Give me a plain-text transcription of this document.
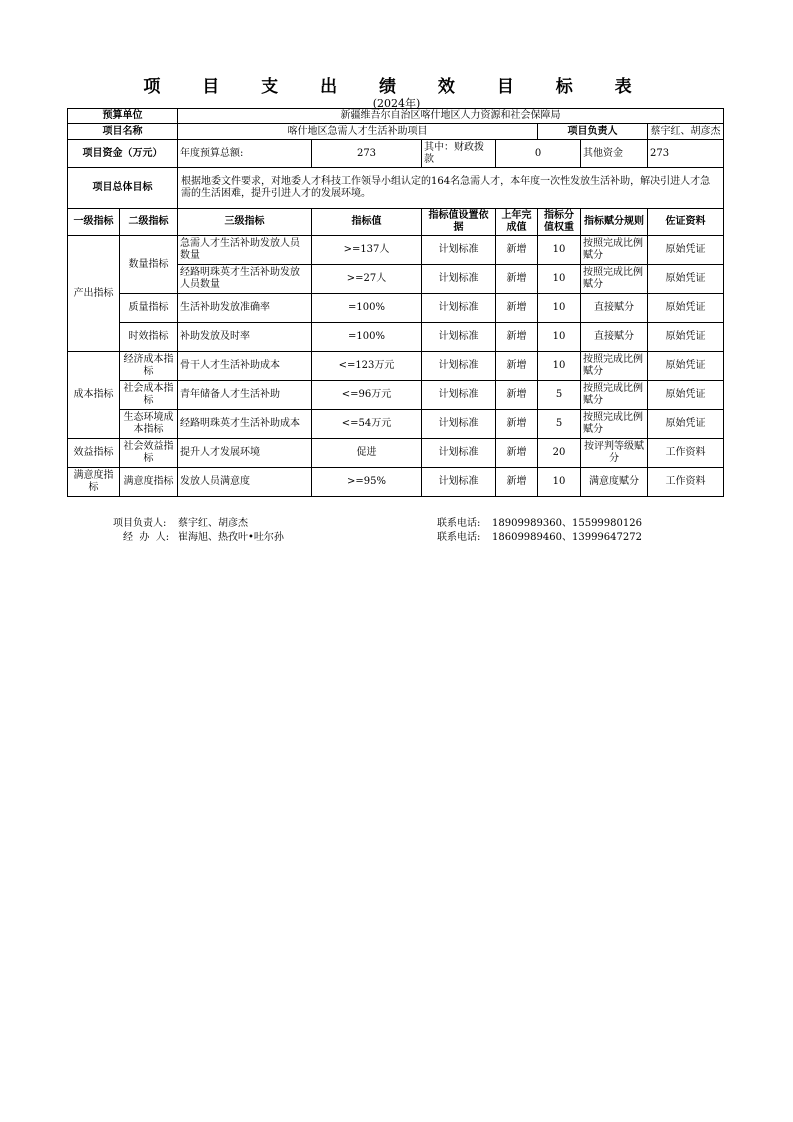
项 目 支 出 绩 效 目 标 表
(2024年)
预算单位		新疆维吾尔自治区喀什地区人力资源和社会保障局						
项目名称		喀什地区急需人才生活补助项目				项目负责人		蔡宇红、胡彦杰
项目资金（万元）		年度预算总额:	273	其中：财政拨款	0		其他资金	273
项目总体目标		根据地委文件要求，对地委人才科技工作领导小组认定的164名急需人才，本年度一次性发放生活补助，解决引进人才急需的生活困难，提升引进人才的发展环境。						
一级指标	二级指标	三级指标	指标值	指标值设置依据	上年完成值	指标分值权重	指标赋分规则	佐证资料
产出指标	数量指标	急需人才生活补助发放人员数量	>=137人	计划标准	新增	10	按照完成比例赋分	原始凭证
		经路明珠英才生活补助发放人员数量	>=27人	计划标准	新增	10	按照完成比例赋分	原始凭证
	质量指标	生活补助发放准确率	=100%	计划标准	新增	10	直接赋分	原始凭证
	时效指标	补助发放及时率	=100%	计划标准	新增	10	直接赋分	原始凭证
成本指标	经济成本指标	骨干人才生活补助成本	<=123万元	计划标准	新增	10	按照完成比例赋分	原始凭证
	社会成本指标	青年储备人才生活补助	<=96万元	计划标准	新增	5	按照完成比例赋分	原始凭证
	生态环境成本指标	经路明珠英才生活补助成本	<=54万元	计划标准	新增	5	按照完成比例赋分	原始凭证
效益指标	社会效益指标	提升人才发展环境	促进	计划标准	新增	20	按评判等级赋分	工作资料
满意度指标	满意度指标	发放人员满意度	>=95%	计划标准	新增	10	满意度赋分	工作资料
项目负责人: 蔡宇红、胡彦杰	联系电话: 18909989360、15599980126
经  办  人: 崔海旭、热孜叶•吐尔孙	联系电话: 18609989460、13999647272
